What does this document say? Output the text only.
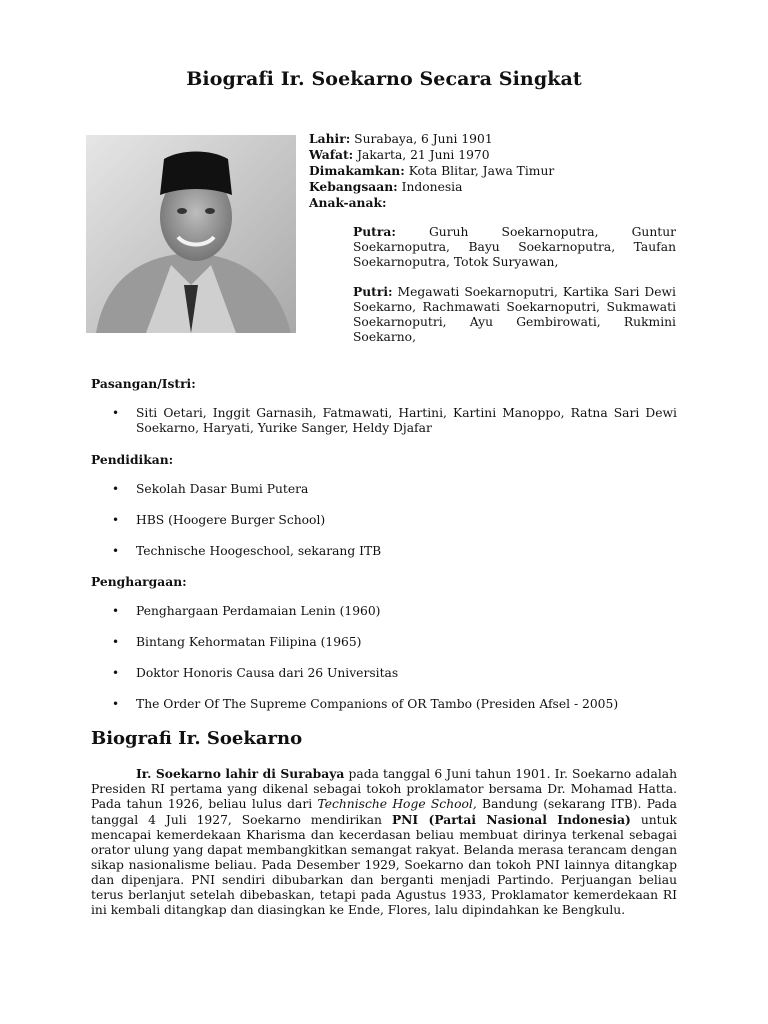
Biografi Ir. Soekarno Secara Singkat
Lahir: Surabaya, 6 Juni 1901
Wafat: Jakarta, 21 Juni 1970
Dimakamkan: Kota Blitar, Jawa Timur
Kebangsaan: Indonesia
Anak-anak:
Putra: Guruh Soekarnoputra, Guntur Soekarnoputra, Bayu Soekarnoputra, Taufan Soekarnoputra, Totok Suryawan,
Putri: Megawati Soekarnoputri, Kartika Sari Dewi Soekarno, Rachmawati Soekarnoputri, Sukmawati Soekarnoputri, Ayu Gembirowati, Rukmini Soekarno,
Pasangan/Istri:
• Siti Oetari, Inggit Garnasih, Fatmawati, Hartini, Kartini Manoppo, Ratna Sari Dewi Soekarno, Haryati, Yurike Sanger, Heldy Djafar
Pendidikan:
• Sekolah Dasar Bumi Putera
• HBS (Hoogere Burger School)
• Technische Hoogeschool, sekarang ITB
Penghargaan:
• Penghargaan Perdamaian Lenin (1960)
• Bintang Kehormatan Filipina (1965)
• Doktor Honoris Causa dari 26 Universitas
• The Order Of The Supreme Companions of OR Tambo (Presiden Afsel - 2005)
Biografi Ir. Soekarno

Ir. Soekarno lahir di Surabaya pada tanggal 6 Juni tahun 1901. Ir. Soekarno adalah Presiden RI pertama yang dikenal sebagai tokoh proklamator bersama Dr. Mohamad Hatta. Pada tahun 1926, beliau lulus dari Technische Hoge School, Bandung (sekarang ITB). Pada tanggal 4 Juli 1927, Soekarno mendirikan PNI (Partai Nasional Indonesia) untuk mencapai kemerdekaan Kharisma dan kecerdasan beliau membuat dirinya terkenal sebagai orator ulung yang dapat membangkitkan semangat rakyat. Belanda merasa terancam dengan sikap nasionalisme beliau. Pada Desember 1929, Soekarno dan tokoh PNI lainnya ditangkap dan dipenjara. PNI sendiri dibubarkan dan berganti menjadi Partindo. Perjuangan beliau terus berlanjut setelah dibebaskan, tetapi pada Agustus 1933, Proklamator kemerdekaan RI ini kembali ditangkap dan diasingkan ke Ende, Flores, lalu dipindahkan ke Bengkulu.
